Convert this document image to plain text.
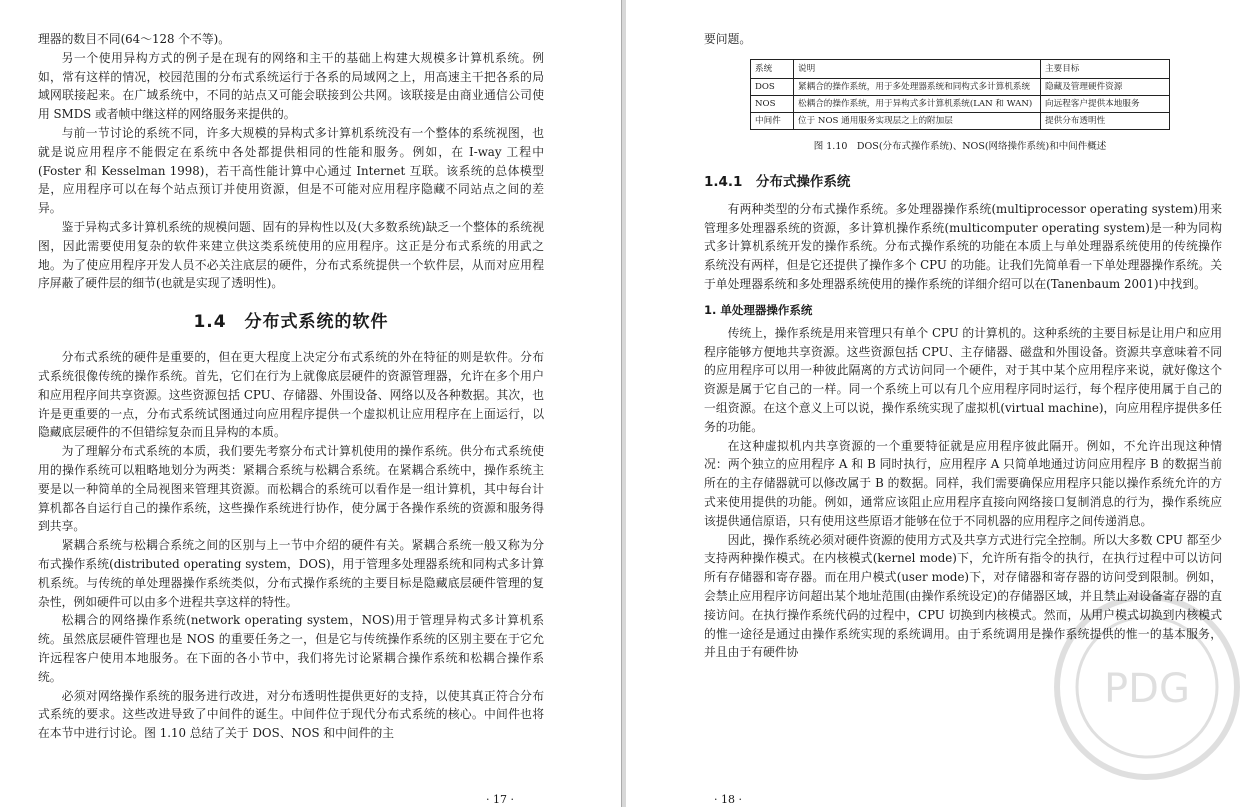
理器的数目不同(64～128 个不等)。

另一个使用异构方式的例子是在现有的网络和主干的基础上构建大规模多计算机系统。例如，常有这样的情况，校园范围的分布式系统运行于各系的局域网之上，用高速主干把各系的局域网联接起来。在广域系统中，不同的站点又可能会联接到公共网。该联接是由商业通信公司使用 SMDS 或者帧中继这样的网络服务来提供的。

与前一节讨论的系统不同，许多大规模的异构式多计算机系统没有一个整体的系统视图，也就是说应用程序不能假定在系统中各处都提供相同的性能和服务。例如，在 I-way 工程中(Foster 和 Kesselman 1998)，若干高性能计算中心通过 Internet 互联。该系统的总体模型是，应用程序可以在每个站点预订并使用资源，但是不可能对应用程序隐藏不同站点之间的差异。

鉴于异构式多计算机系统的规模问题、固有的异构性以及(大多数系统)缺乏一个整体的系统视图，因此需要使用复杂的软件来建立供这类系统使用的应用程序。这正是分布式系统的用武之地。为了使应用程序开发人员不必关注底层的硬件，分布式系统提供一个软件层，从而对应用程序屏蔽了硬件层的细节(也就是实现了透明性)。

1.4　分布式系统的软件

分布式系统的硬件是重要的，但在更大程度上决定分布式系统的外在特征的则是软件。分布式系统很像传统的操作系统。首先，它们在行为上就像底层硬件的资源管理器，允许在多个用户和应用程序间共享资源。这些资源包括 CPU、存储器、外围设备、网络以及各种数据。其次，也许是更重要的一点，分布式系统试图通过向应用程序提供一个虚拟机让应用程序在上面运行，以隐藏底层硬件的不但错综复杂而且异构的本质。

为了理解分布式系统的本质，我们要先考察分布式计算机使用的操作系统。供分布式系统使用的操作系统可以粗略地划分为两类：紧耦合系统与松耦合系统。在紧耦合系统中，操作系统主要是以一种简单的全局视图来管理其资源。而松耦合的系统可以看作是一组计算机，其中每台计算机都各自运行自己的操作系统，这些操作系统进行协作，使分属于各操作系统的资源和服务得到共享。

紧耦合系统与松耦合系统之间的区别与上一节中介绍的硬件有关。紧耦合系统一般又称为分布式操作系统(distributed operating system，DOS)，用于管理多处理器系统和同构式多计算机系统。与传统的单处理器操作系统类似，分布式操作系统的主要目标是隐藏底层硬件管理的复杂性，例如硬件可以由多个进程共享这样的特性。

松耦合的网络操作系统(network operating system，NOS)用于管理异构式多计算机系统。虽然底层硬件管理也是 NOS 的重要任务之一，但是它与传统操作系统的区别主要在于它允许远程客户使用本地服务。在下面的各小节中，我们将先讨论紧耦合操作系统和松耦合操作系统。

必须对网络操作系统的服务进行改进，对分布透明性提供更好的支持，以使其真正符合分布式系统的要求。这些改进导致了中间件的诞生。中间件位于现代分布式系统的核心。中间件也将在本节中进行讨论。图 1.10 总结了关于 DOS、NOS 和中间件的主

· 17 ·

要问题。

系统	说明	主要目标
DOS	紧耦合的操作系统，用于多处理器系统和同构式多计算机系统	隐藏及管理硬件资源
NOS	松耦合的操作系统，用于异构式多计算机系统(LAN 和 WAN)	向远程客户提供本地服务
中间件	位于 NOS 通用服务实现层之上的附加层	提供分布透明性
图 1.10　DOS(分布式操作系统)、NOS(网络操作系统)和中间件概述
1.4.1　分布式操作系统

有两种类型的分布式操作系统。多处理器操作系统(multiprocessor operating system)用来管理多处理器系统的资源，多计算机操作系统(multicomputer operating system)是一种为同构式多计算机系统开发的操作系统。分布式操作系统的功能在本质上与单处理器系统使用的传统操作系统没有两样，但是它还提供了操作多个 CPU 的功能。让我们先简单看一下单处理器操作系统。关于单处理器系统和多处理器系统使用的操作系统的详细介绍可以在(Tanenbaum 2001)中找到。

1. 单处理器操作系统

传统上，操作系统是用来管理只有单个 CPU 的计算机的。这种系统的主要目标是让用户和应用程序能够方便地共享资源。这些资源包括 CPU、主存储器、磁盘和外围设备。资源共享意味着不同的应用程序可以用一种彼此隔离的方式访问同一个硬件，对于其中某个应用程序来说，就好像这个资源是属于它自己的一样。同一个系统上可以有几个应用程序同时运行，每个程序使用属于自己的一组资源。在这个意义上可以说，操作系统实现了虚拟机(virtual machine)，向应用程序提供多任务的功能。

在这种虚拟机内共享资源的一个重要特征就是应用程序彼此隔开。例如，不允许出现这种情况：两个独立的应用程序 A 和 B 同时执行，应用程序 A 只简单地通过访问应用程序 B 的数据当前所在的主存储器就可以修改属于 B 的数据。同样，我们需要确保应用程序只能以操作系统允许的方式来使用提供的功能。例如，通常应该阻止应用程序直接向网络接口复制消息的行为，操作系统应该提供通信原语，只有使用这些原语才能够在位于不同机器的应用程序之间传递消息。

因此，操作系统必须对硬件资源的使用方式及共享方式进行完全控制。所以大多数 CPU 都至少支持两种操作模式。在内核模式(kernel mode)下，允许所有指令的执行，在执行过程中可以访问所有存储器和寄存器。而在用户模式(user mode)下，对存储器和寄存器的访问受到限制。例如，会禁止应用程序访问超出某个地址范围(由操作系统设定)的存储器区域，并且禁止对设备寄存器的直接访问。在执行操作系统代码的过程中，CPU 切换到内核模式。然而，从用户模式切换到内核模式的惟一途径是通过由操作系统实现的系统调用。由于系统调用是操作系统提供的惟一的基本服务，并且由于有硬件协

· 18 ·
PDG
